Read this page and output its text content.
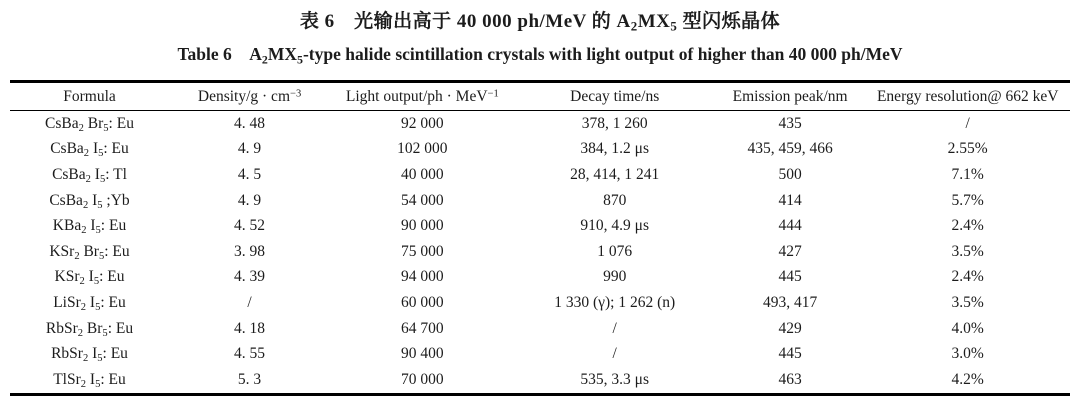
表 6　光输出高于 40 000 ph/MeV 的 $A_2MX_5$ 型闪烁晶体
Table 6　$A_2MX_5$-type halide scintillation crystals with light output of higher than 40 000 ph/MeV
Formula	Density/g · $cm^{-3}$	Light output/ph · MeV$^{-1}$	Decay time/ns	Emission peak/nm	Energy resolution@ 662 keV
CsBa$_2$ $Br_5$: Eu	4. 48	92 000	378, 1 260	435	/
CsBa$_2$ $I_5$: Eu	4. 9	102 000	384, 1.2 μs	435, 459, 466	2.55%
CsBa$_2$ $I_5$: Tl	4. 5	40 000	28, 414, 1 241	500	7.1%
CsBa$_2$ $I_5$ ;Yb	4. 9	54 000	870	414	5.7%
KBa$_2$ $I_5$: Eu	4. 52	90 000	910, 4.9 μs	444	2.4%
KSr$_2$ $Br_5$: Eu	3. 98	75 000	1 076	427	3.5%
KSr$_2$ $I_5$: Eu	4. 39	94 000	990	445	2.4%
LiSr$_2$ $I_5$: Eu	/	60 000	1 330 (γ); 1 262 (n)	493, 417	3.5%
RbSr$_2$ $Br_5$: Eu	4. 18	64 700	/	429	4.0%
RbSr$_2$ $I_5$: Eu	4. 55	90 400	/	445	3.0%
TlSr$_2$ $I_5$: Eu	5. 3	70 000	535, 3.3 μs	463	4.2%
